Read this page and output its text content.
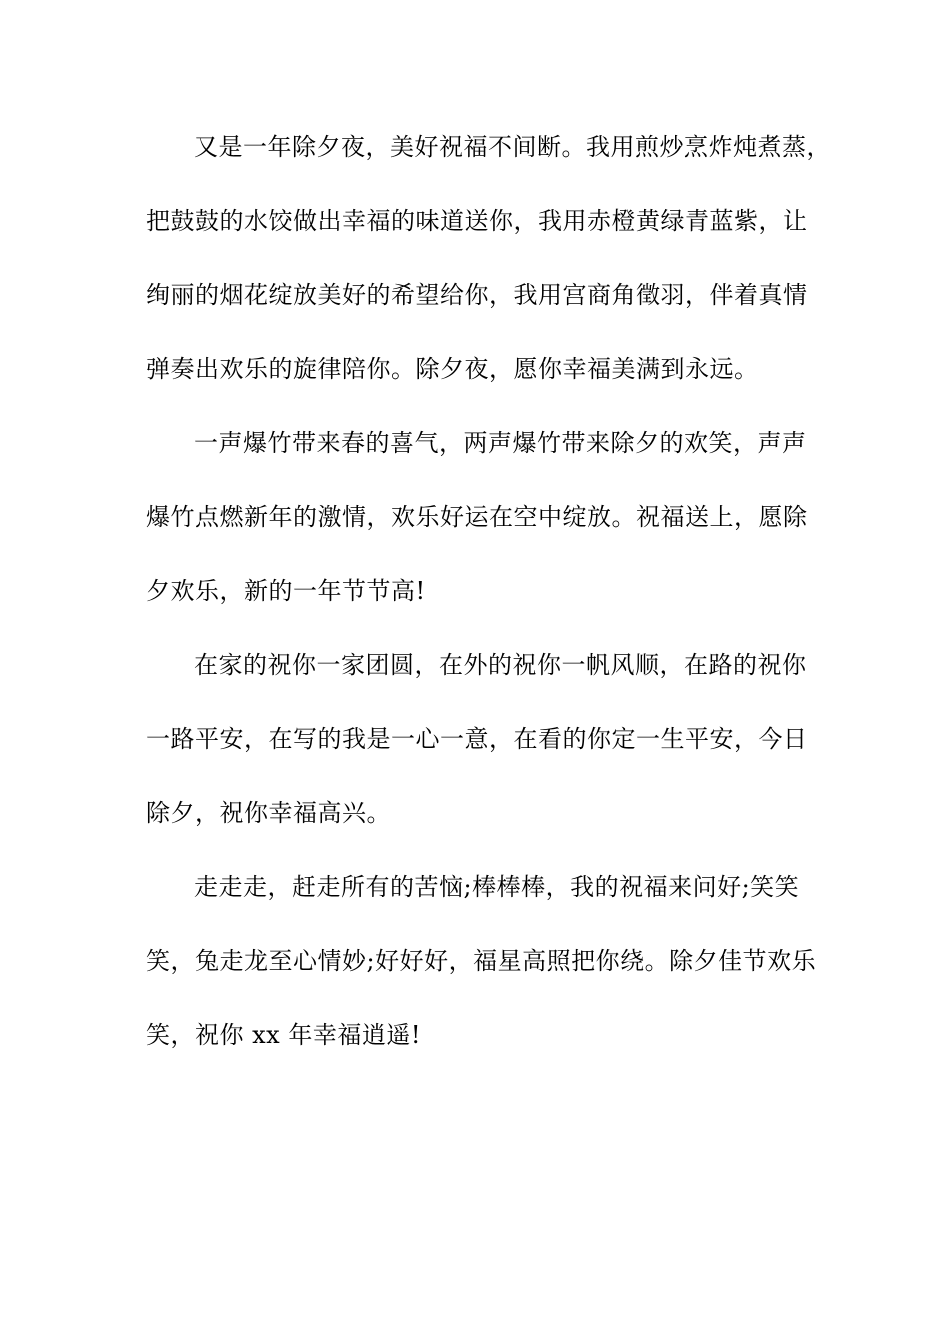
又是一年除夕夜，美好祝福不间断。我用煎炒烹炸炖煮蒸，
把鼓鼓的水饺做出幸福的味道送你，我用赤橙黄绿青蓝紫，让
绚丽的烟花绽放美好的希望给你，我用宫商角徵羽，伴着真情
弹奏出欢乐的旋律陪你。除夕夜，愿你幸福美满到永远。
一声爆竹带来春的喜气，两声爆竹带来除夕的欢笑，声声
爆竹点燃新年的激情，欢乐好运在空中绽放。祝福送上，愿除
夕欢乐，新的一年节节高!
在家的祝你一家团圆，在外的祝你一帆风顺，在路的祝你
一路平安，在写的我是一心一意，在看的你定一生平安，今日
除夕，祝你幸福高兴。
走走走，赶走所有的苦恼;棒棒棒，我的祝福来问好;笑笑
笑，兔走龙至心情妙;好好好，福星高照把你绕。除夕佳节欢乐
笑，祝你 xx 年幸福逍遥!
